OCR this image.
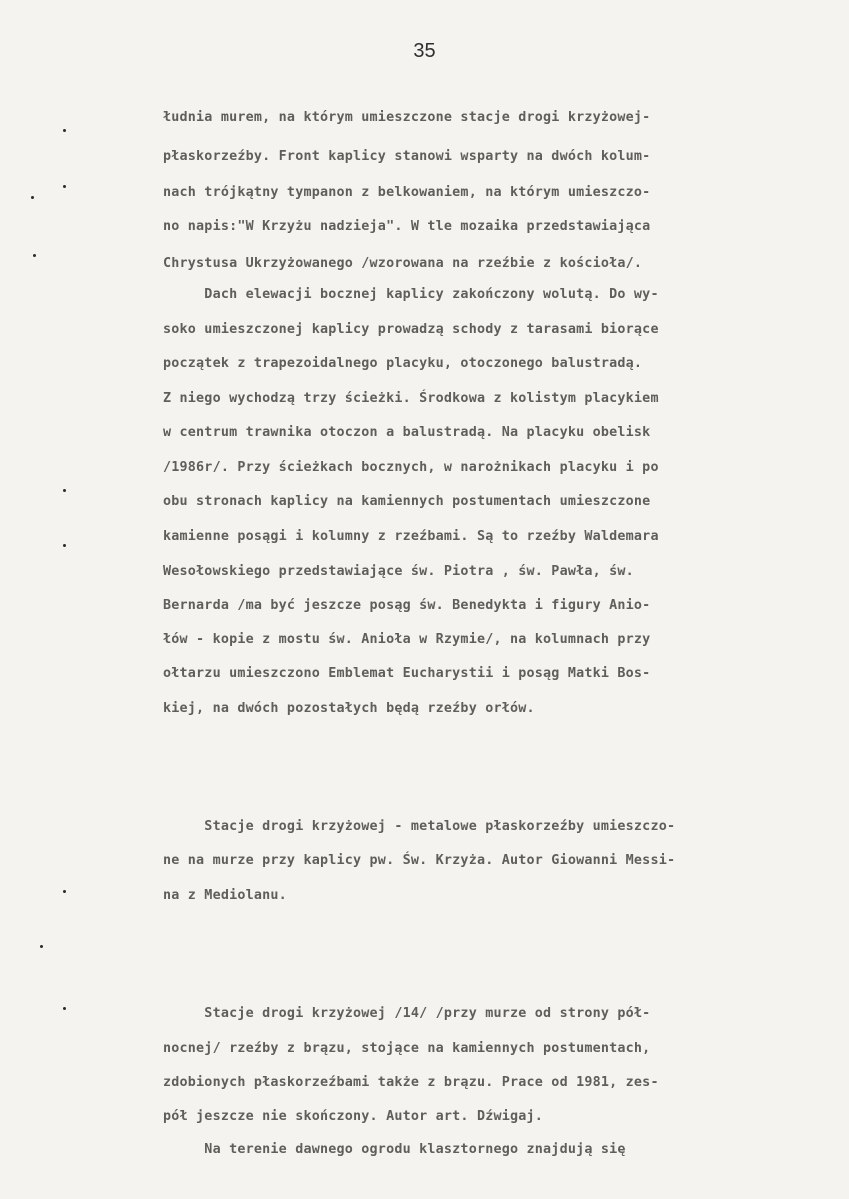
35
łudnia murem, na którym umieszczone stacje drogi krzyżowej-
płaskorzeźby. Front kaplicy stanowi wsparty na dwóch kolum-
nach trójkątny tympanon z belkowaniem, na którym umieszczo-
no napis:"W Krzyżu nadzieja". W tle mozaika przedstawiająca
Chrystusa Ukrzyżowanego /wzorowana na rzeźbie z kościoła/.
Dach elewacji bocznej kaplicy zakończony wolutą. Do wy-
soko umieszczonej kaplicy prowadzą schody z tarasami biorące
początek z trapezoidalnego placyku, otoczonego balustradą.
Z niego wychodzą trzy ścieżki. Środkowa z kolistym placykiem
w centrum trawnika otoczon a balustradą. Na placyku obelisk
/1986r/. Przy ścieżkach bocznych, w narożnikach placyku i po
obu stronach kaplicy na kamiennych postumentach umieszczone
kamienne posągi i kolumny z rzeźbami. Są to rzeźby Waldemara
Wesołowskiego przedstawiające św. Piotra , św. Pawła, św.
Bernarda /ma być jeszcze posąg św. Benedykta i figury Anio-
łów - kopie z mostu św. Anioła w Rzymie/, na kolumnach przy
ołtarzu umieszczono Emblemat Eucharystii i posąg Matki Bos-
kiej, na dwóch pozostałych będą rzeźby orłów.
Stacje drogi krzyżowej - metalowe płaskorzeźby umieszczo-
ne na murze przy kaplicy pw. Św. Krzyża. Autor Giowanni Messi-
na z Mediolanu.
Stacje drogi krzyżowej /14/ /przy murze od strony pół-
nocnej/ rzeźby z brązu, stojące na kamiennych postumentach,
zdobionych płaskorzeźbami także z brązu. Prace od 1981, zes-
pół jeszcze nie skończony. Autor art. Dźwigaj.
Na terenie dawnego ogrodu klasztornego znajdują się
